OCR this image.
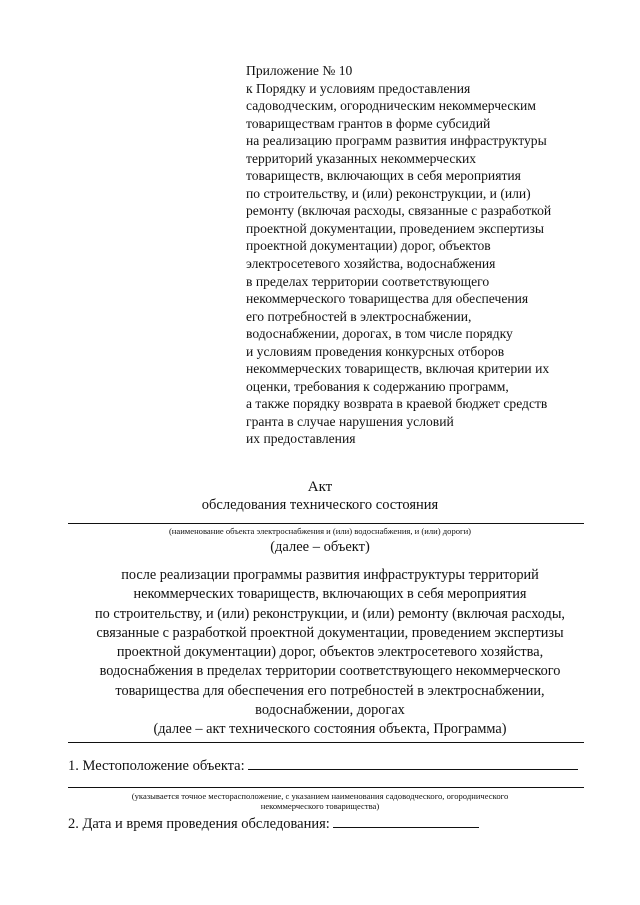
Приложение № 10
к Порядку и условиям предоставления
садоводческим, огородническим некоммерческим
товариществам грантов в форме субсидий
на реализацию программ развития инфраструктуры
территорий указанных некоммерческих
товариществ, включающих в себя мероприятия
по строительству, и (или) реконструкции, и (или)
ремонту (включая расходы, связанные с разработкой
проектной документации, проведением экспертизы
проектной документации) дорог, объектов
электросетевого хозяйства, водоснабжения
в пределах территории соответствующего
некоммерческого товарищества для обеспечения
его потребностей в электроснабжении,
водоснабжении, дорогах, в том числе порядку
и условиям проведения конкурсных отборов
некоммерческих товариществ, включая критерии их
оценки, требования к содержанию программ,
а также порядку возврата в краевой бюджет средств
гранта в случае нарушения условий
их предоставления
Акт
обследования технического состояния
(наименование объекта электроснабжения и (или) водоснабжения, и (или) дороги)
(далее – объект)
после реализации программы развития инфраструктуры территорий
некоммерческих товариществ, включающих в себя мероприятия
по строительству, и (или) реконструкции, и (или) ремонту (включая расходы,
связанные с разработкой проектной документации, проведением экспертизы
проектной документации) дорог, объектов электросетевого хозяйства,
водоснабжения в пределах территории соответствующего некоммерческого
товарищества для обеспечения его потребностей в электроснабжении,
водоснабжении, дорогах
(далее – акт технического состояния объекта, Программа)
1. Местоположение объекта:
(указывается точное месторасположение, с указанием наименования садоводческого, огороднического
некоммерческого товарищества)
2. Дата и время проведения обследования:
